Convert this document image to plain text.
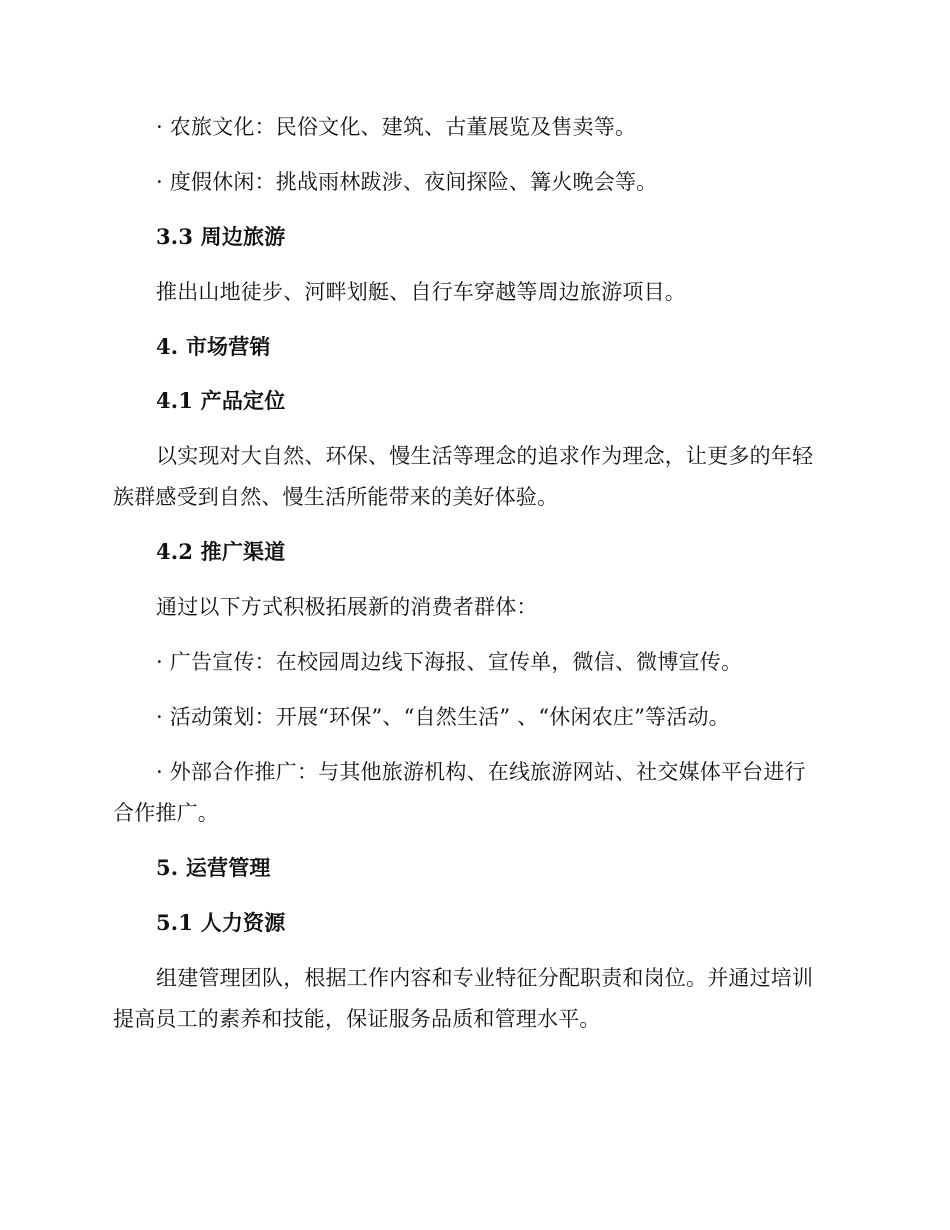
· 农旅文化：民俗文化、建筑、古董展览及售卖等。
· 度假休闲：挑战雨林跋涉、夜间探险、篝火晚会等。
3.3 周边旅游
推出山地徒步、河畔划艇、自行车穿越等周边旅游项目。
4. 市场营销
4.1 产品定位
以实现对大自然、环保、慢生活等理念的追求作为理念，让更多的年轻
族群感受到自然、慢生活所能带来的美好体验。
4.2 推广渠道
通过以下方式积极拓展新的消费者群体：
· 广告宣传：在校园周边线下海报、宣传单，微信、微博宣传。
· 活动策划：开展“环保”、“自然生活” 、“休闲农庄”等活动。
· 外部合作推广：与其他旅游机构、在线旅游网站、社交媒体平台进行
合作推广。
5. 运营管理
5.1 人力资源
组建管理团队，根据工作内容和专业特征分配职责和岗位。并通过培训
提高员工的素养和技能，保证服务品质和管理水平。
